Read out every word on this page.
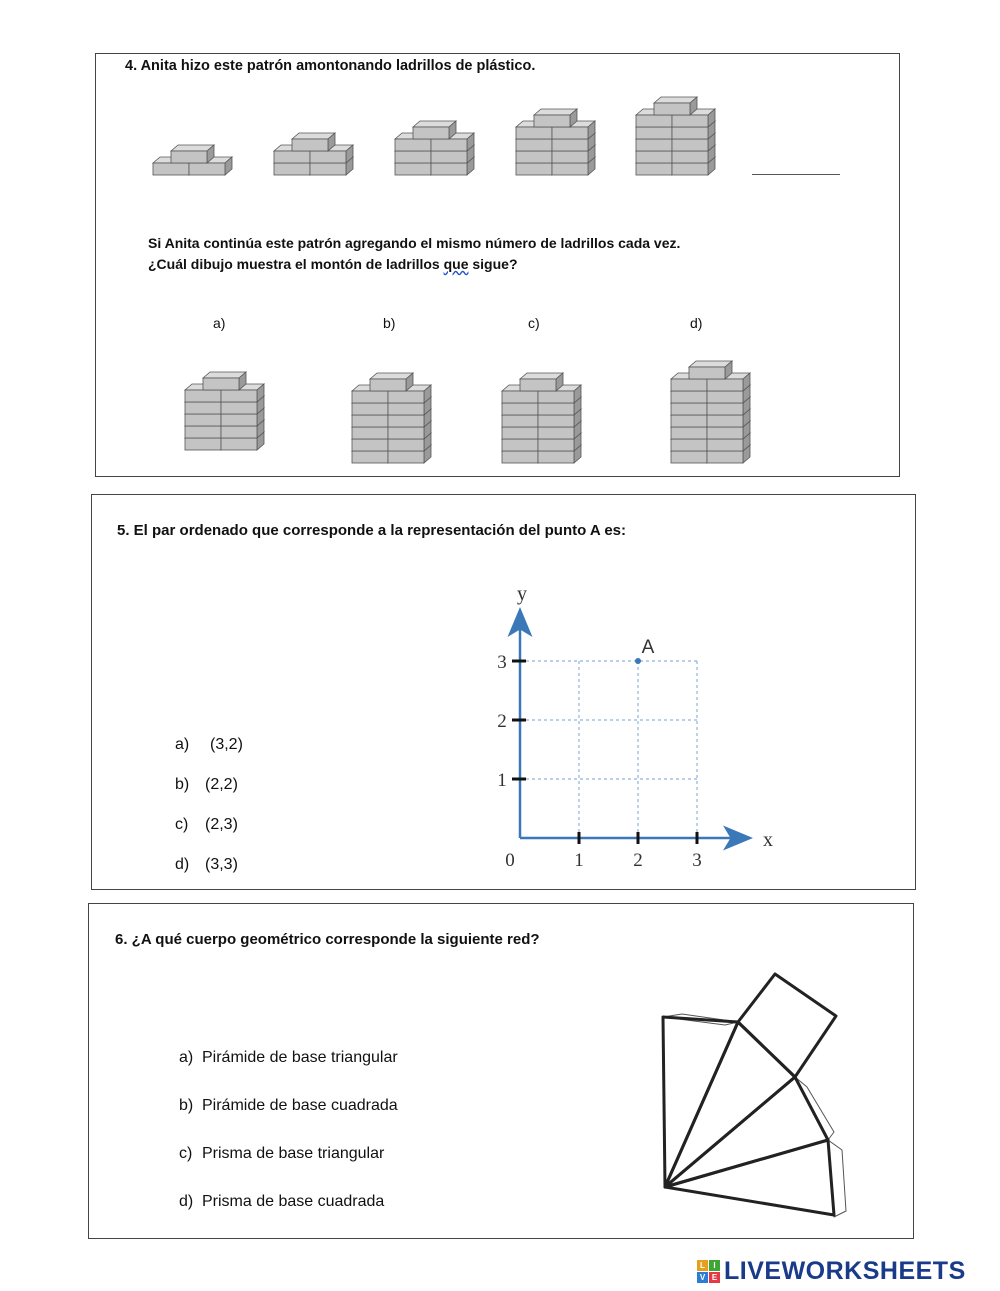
4. Anita hizo este patrón amontonando ladrillos de plástico.
Si Anita continúa este patrón agregando el mismo número de ladrillos cada vez.
¿Cuál dibujo muestra el montón de ladrillos que sigue?
a)	b)	c)	d)
5. El par ordenado que corresponde a la representación del punto A es:
a) (3,2)
b) (2,2)
c) (2,3)
d) (3,3)	0	1	2	3
1
2
3
x
y
A
6. ¿A qué cuerpo geométrico corresponde la siguiente red?
a) Pirámide de base triangular
b) Pirámide de base cuadrada
c) Prisma de base triangular
d) Prisma de base cuadrada
L	I
V E LIVEWORKSHEETS
